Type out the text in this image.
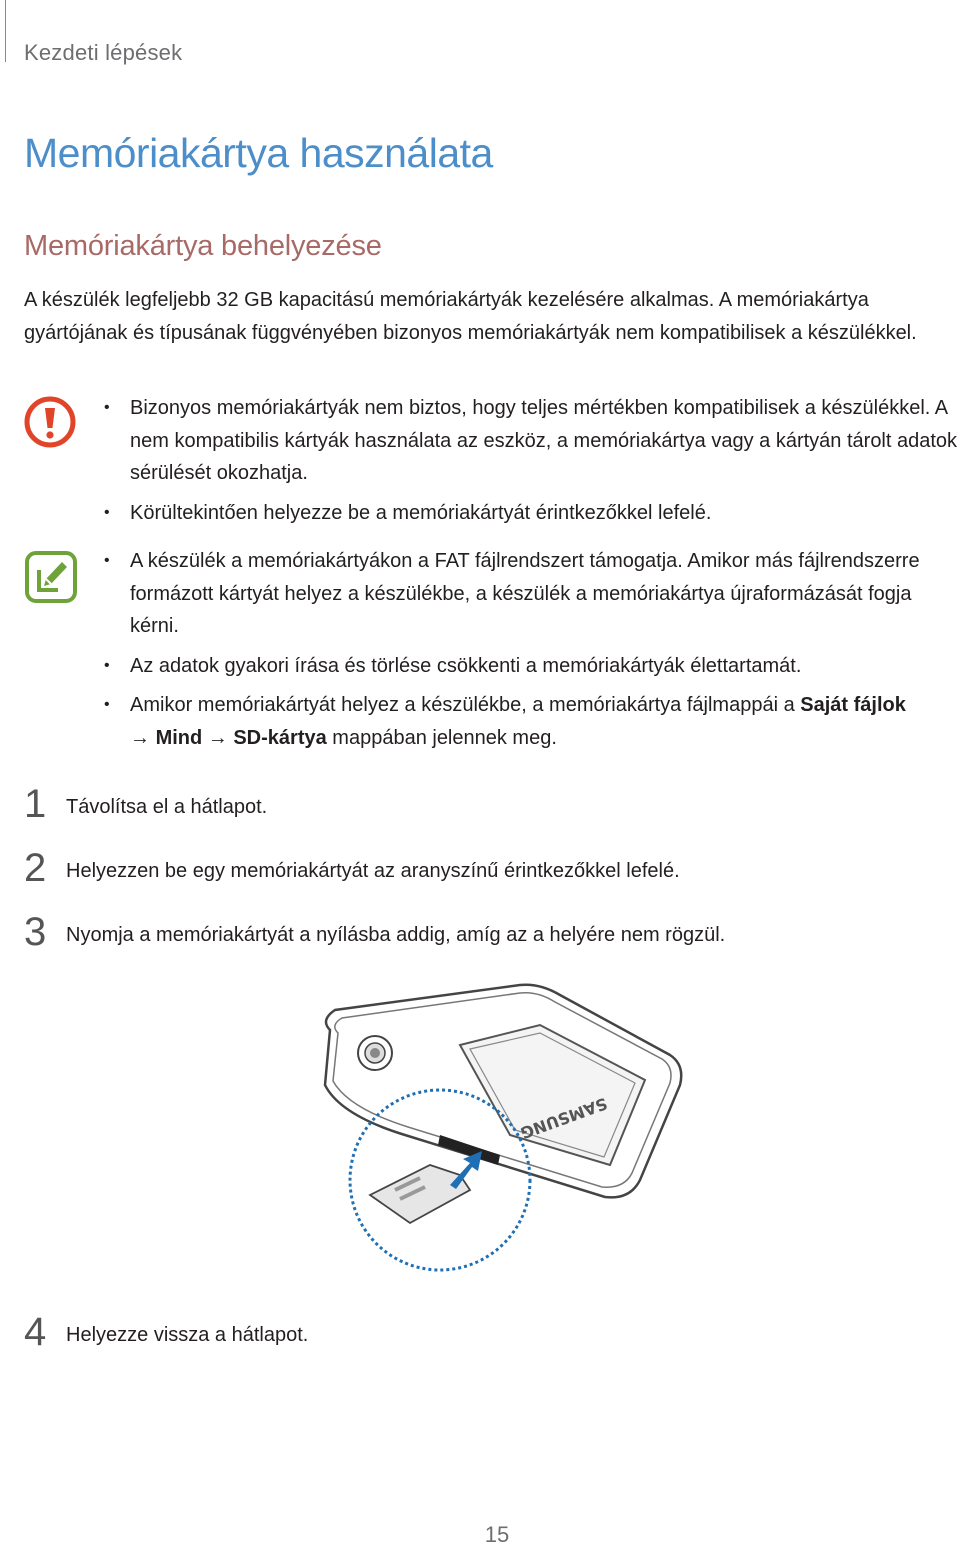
Kezdeti lépések
Memóriakártya használata
Memóriakártya behelyezése
A készülék legfeljebb 32 GB kapacitású memóriakártyák kezelésére alkalmas. A memóriakártya gyártójának és típusának függvényében bizonyos memóriakártyák nem kompatibilisek a készülékkel.
• Bizonyos memóriakártyák nem biztos, hogy teljes mértékben kompatibilisek a készülékkel. A nem kompatibilis kártyák használata az eszköz, a memóriakártya vagy a kártyán tárolt adatok sérülését okozhatja.
• Körültekintően helyezze be a memóriakártyát érintkezőkkel lefelé.
• A készülék a memóriakártyákon a FAT fájlrendszert támogatja. Amikor más fájlrendszerre formázott kártyát helyez a készülékbe, a készülék a memóriakártya újraformázását fogja kérni.
• Az adatok gyakori írása és törlése csökkenti a memóriakártyák élettartamát.
• Amikor memóriakártyát helyez a készülékbe, a memóriakártya fájlmappái a Saját fájlok
→ Mind → SD-kártya mappában jelennek meg.
1 Távolítsa el a hátlapot.
2 Helyezzen be egy memóriakártyát az aranyszínű érintkezőkkel lefelé.
3 Nyomja a memóriakártyát a nyílásba addig, amíg az a helyére nem rögzül.
SAMSUNG
4 Helyezze vissza a hátlapot.
15
